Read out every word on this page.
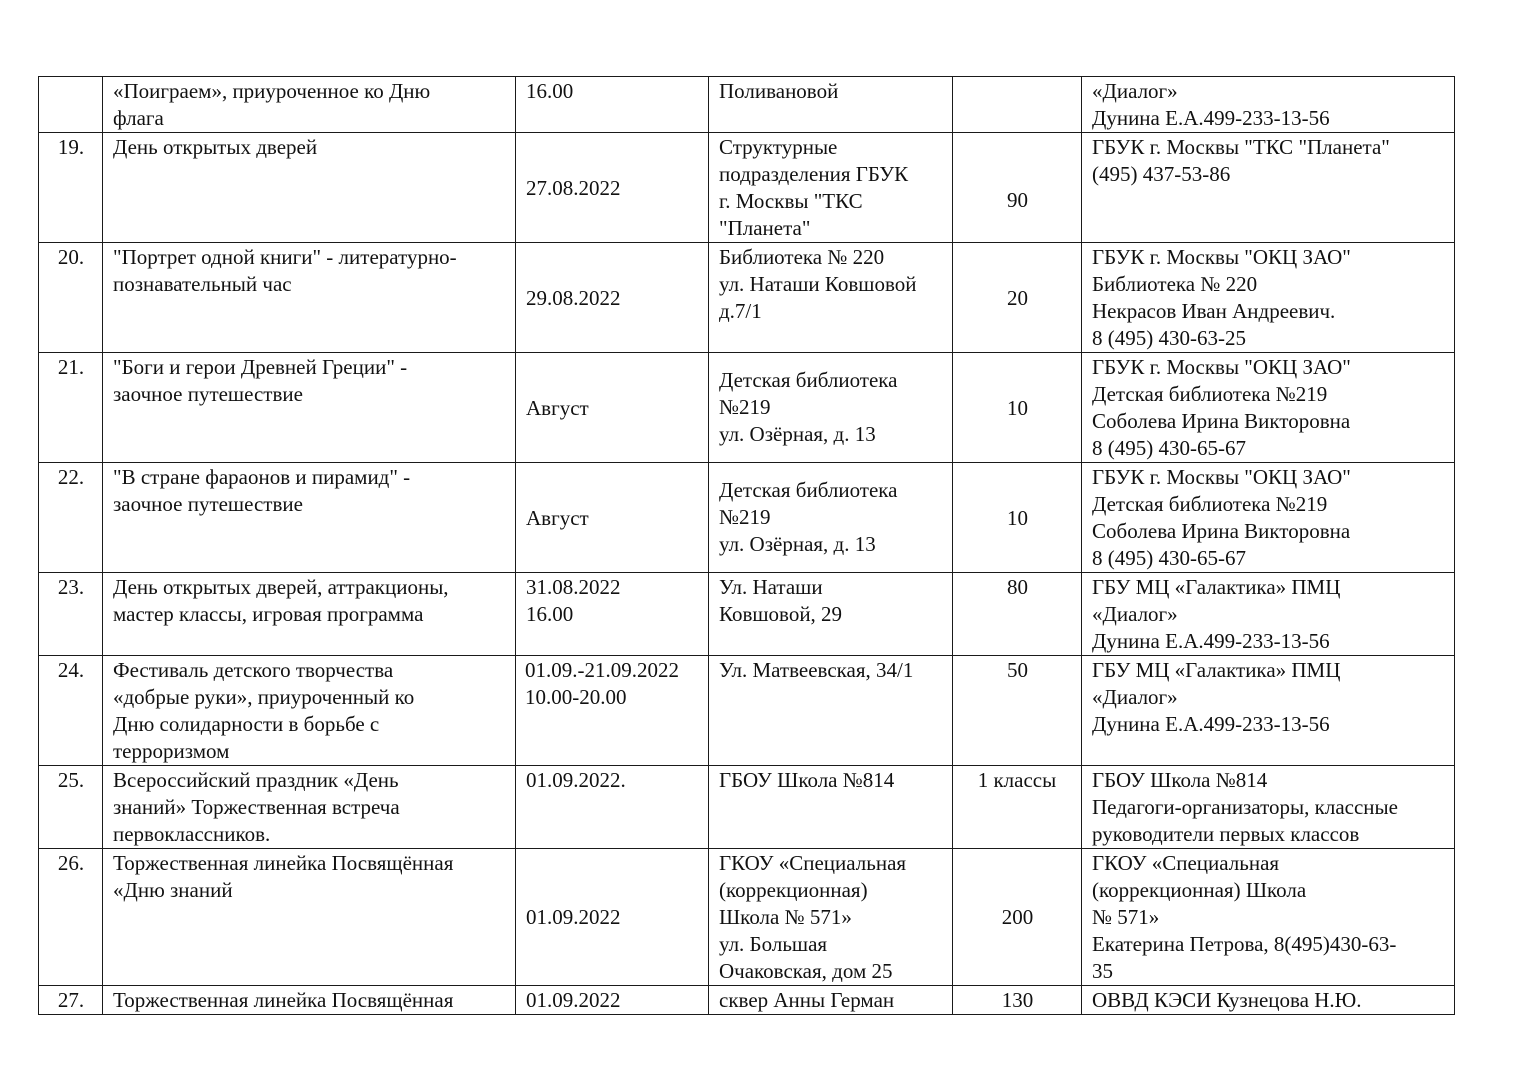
	«Поиграем», приуроченное ко Дню
флага	16.00	Поливановой		«Диалог»
Дунина Е.А.499-233-13-56
19.	День открытых дверей	27.08.2022	Структурные
подразделения ГБУК
г. Москвы "ТКС
"Планета"	90	ГБУК г. Москвы "ТКС "Планета"
(495) 437-53-86
20.	"Портрет одной книги" - литературно-
познавательный час	29.08.2022	Библиотека № 220
ул. Наташи Ковшовой
д.7/1	20	ГБУК г. Москвы "ОКЦ ЗАО"
Библиотека № 220
Некрасов Иван Андреевич.
8 (495) 430-63-25
21.	"Боги и герои Древней Греции" -
заочное путешествие	Август	Детская библиотека
№219
ул. Озёрная, д. 13	10	ГБУК г. Москвы "ОКЦ ЗАО"
Детская библиотека №219
Соболева Ирина Викторовна
8 (495) 430-65-67
22.	"В стране фараонов и пирамид" -
заочное путешествие	Август	Детская библиотека
№219
ул. Озёрная, д. 13	10	ГБУК г. Москвы "ОКЦ ЗАО"
Детская библиотека №219
Соболева Ирина Викторовна
8 (495) 430-65-67
23.	День открытых дверей, аттракционы,
мастер классы, игровая программа	31.08.2022
16.00	Ул. Наташи
Ковшовой, 29	80	ГБУ МЦ «Галактика» ПМЦ
«Диалог»
Дунина Е.А.499-233-13-56
24.	Фестиваль детского творчества
«добрые руки», приуроченный ко
Дню солидарности в борьбе с
терроризмом	01.09.-21.09.2022
10.00-20.00	Ул. Матвеевская, 34/1	50	ГБУ МЦ «Галактика» ПМЦ
«Диалог»
Дунина Е.А.499-233-13-56
25.	Всероссийский праздник «День
знаний» Торжественная встреча
первоклассников.	01.09.2022.	ГБОУ Школа №814	1 классы	ГБОУ Школа №814
Педагоги-организаторы, классные
руководители первых классов
26.	Торжественная линейка Посвящённая
«Дню знаний	01.09.2022	ГКОУ «Специальная
(коррекционная)
Школа № 571»
ул. Большая
Очаковская, дом 25	200	ГКОУ «Специальная
(коррекционная) Школа
№ 571»
Екатерина Петрова, 8(495)430-63-
35
27.	Торжественная линейка Посвящённая	01.09.2022	сквер Анны Герман	130	ОВВД КЭСИ Кузнецова Н.Ю.
